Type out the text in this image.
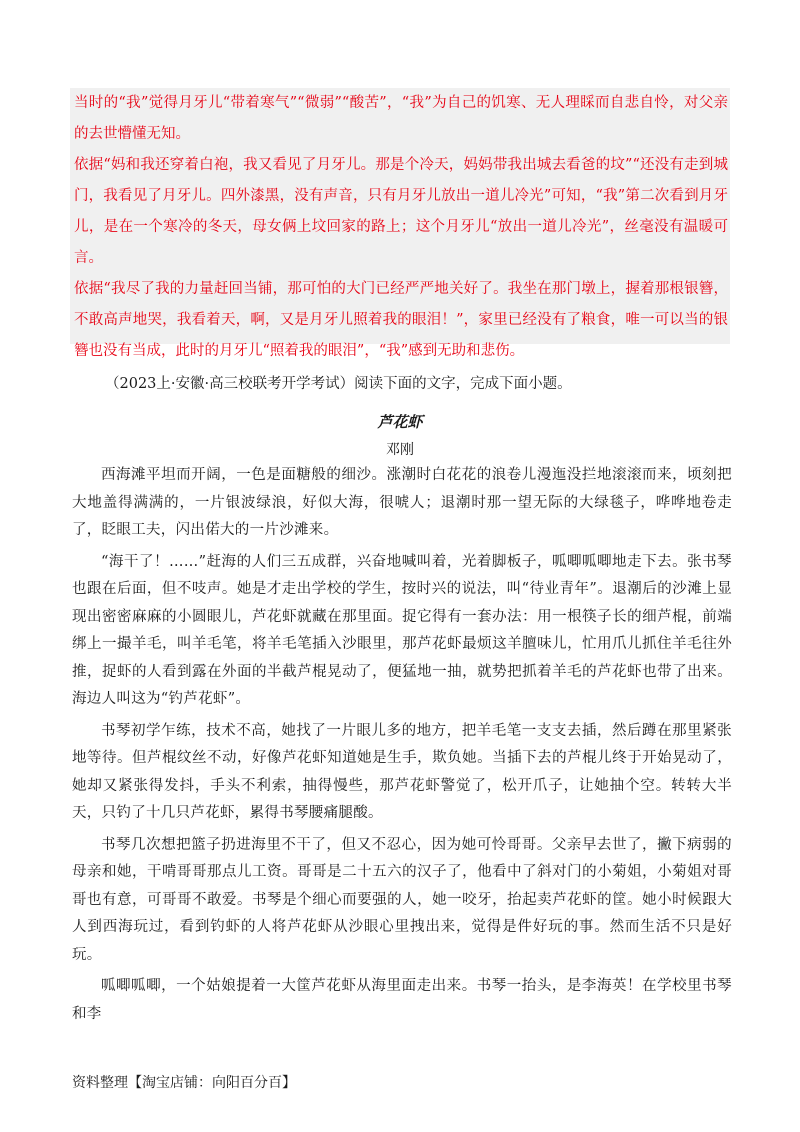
当时的“我”觉得月牙儿“带着寒气”“微弱”“酸苦”，“我”为自己的饥寒、无人理睬而自悲自怜，对父亲的去世懵懂无知。

依据“妈和我还穿着白袍，我又看见了月牙儿。那是个冷天，妈妈带我出城去看爸的坟”“还没有走到城门，我看见了月牙儿。四外漆黑，没有声音，只有月牙儿放出一道儿冷光”可知，“我”第二次看到月牙儿，是在一个寒冷的冬天，母女俩上坟回家的路上；这个月牙儿“放出一道儿冷光”，丝毫没有温暖可言。

依据“我尽了我的力量赶回当铺，那可怕的大门已经严严地关好了。我坐在那门墩上，握着那根银簪，不敢高声地哭，我看着天，啊，又是月牙儿照着我的眼泪！”，家里已经没有了粮食，唯一可以当的银簪也没有当成，此时的月牙儿“照着我的眼泪”，“我”感到无助和悲伤。

（2023上·安徽·高三校联考开学考试）阅读下面的文字，完成下面小题。
芦花虾
邓刚

西海滩平坦而开阔，一色是面糖般的细沙。涨潮时白花花的浪卷儿漫迤没拦地滚滚而来，顷刻把大地盖得满满的，一片银波绿浪，好似大海，很唬人；退潮时那一望无际的大绿毯子，哗哗地卷走了，眨眼工夫，闪出偌大的一片沙滩来。

“海干了！……”赶海的人们三五成群，兴奋地喊叫着，光着脚板子，呱唧呱唧地走下去。张书琴也跟在后面，但不吱声。她是才走出学校的学生，按时兴的说法，叫“待业青年”。退潮后的沙滩上显现出密密麻麻的小圆眼儿，芦花虾就藏在那里面。捉它得有一套办法：用一根筷子长的细芦棍，前端绑上一撮羊毛，叫羊毛笔，将羊毛笔插入沙眼里，那芦花虾最烦这羊膻味儿，忙用爪儿抓住羊毛往外推，捉虾的人看到露在外面的半截芦棍晃动了，便猛地一抽，就势把抓着羊毛的芦花虾也带了出来。海边人叫这为“钓芦花虾”。

书琴初学乍练，技术不高，她找了一片眼儿多的地方，把羊毛笔一支支去插，然后蹲在那里紧张地等待。但芦棍纹丝不动，好像芦花虾知道她是生手，欺负她。当插下去的芦棍儿终于开始晃动了，她却又紧张得发抖，手头不利索，抽得慢些，那芦花虾警觉了，松开爪子，让她抽个空。转转大半天，只钓了十几只芦花虾，累得书琴腰痛腿酸。

书琴几次想把篮子扔进海里不干了，但又不忍心，因为她可怜哥哥。父亲早去世了，撇下病弱的母亲和她，干啃哥哥那点儿工资。哥哥是二十五六的汉子了，他看中了斜对门的小菊姐，小菊姐对哥哥也有意，可哥哥不敢爱。书琴是个细心而要强的人，她一咬牙，抬起卖芦花虾的筐。她小时候跟大人到西海玩过，看到钓虾的人将芦花虾从沙眼心里拽出来，觉得是件好玩的事。然而生活不只是好玩。

呱唧呱唧，一个姑娘提着一大筐芦花虾从海里面走出来。书琴一抬头，是李海英！在学校里书琴和李

资料整理【淘宝店铺：向阳百分百】
